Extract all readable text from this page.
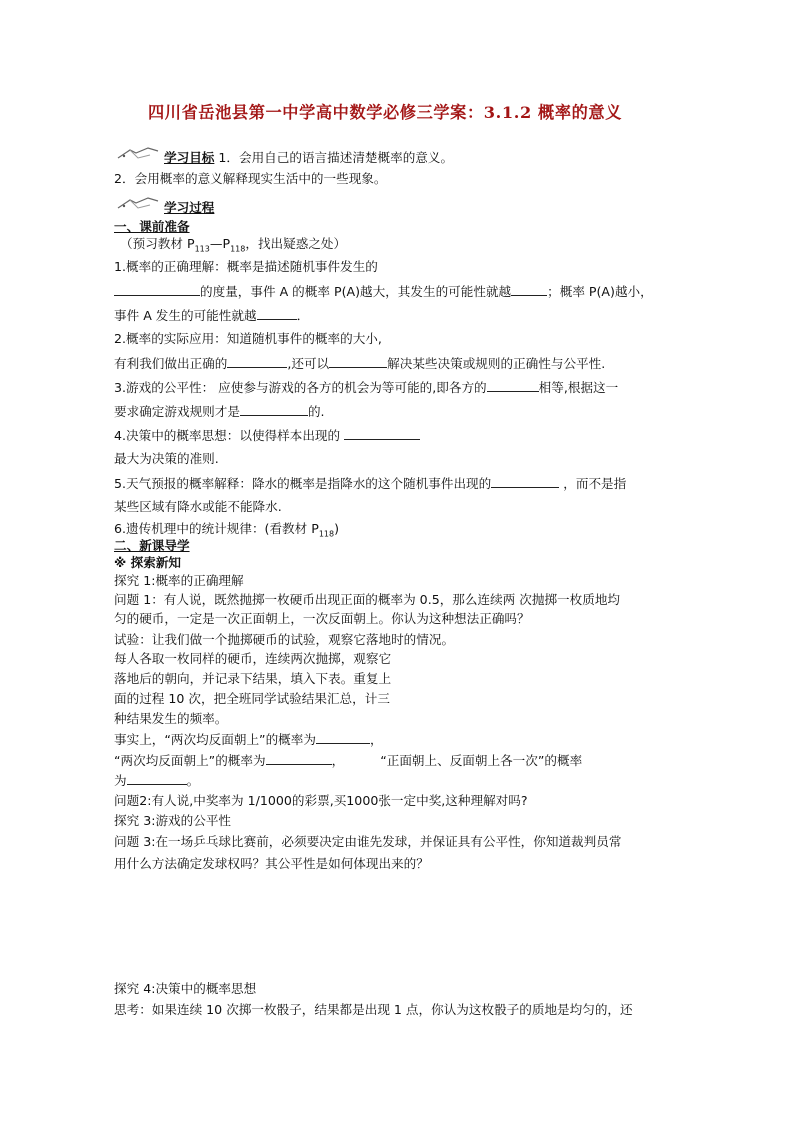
四川省岳池县第一中学高中数学必修三学案：3.1.2 概率的意义
学习目标 1．会用自己的语言描述清楚概率的意义。
2．会用概率的意义解释现实生活中的一些现象。
学习过程
一、课前准备
（预习教材 $P_{113}—P_{118}$，找出疑惑之处）
1.概率的正确理解：概率是描述随机事件发生的
的度量，事件 A 的概率 P(A)越大，其发生的可能性就越	；概率 P(A)越小，
事件 A 发生的可能性就越	．
2.概率的实际应用：知道随机事件的概率的大小,
有利我们做出正确的	,还可以	解决某些决策或规则的正确性与公平性.
3.游戏的公平性： 应使参与游戏的各方的机会为等可能的,即各方的	相等,根据这一
要求确定游戏规则才是	的.
4.决策中的概率思想：以使得样本出现的
最大为决策的准则.
5.天气预报的概率解释：降水的概率是指降水的这个随机事件出现的	，而不是指
某些区域有降水或能不能降水.
6.遗传机理中的统计规律：(看教材 $P_{118}$)
二、新课导学
※ 探索新知
探究 1:概率的正确理解
问题 1：有人说，既然抛掷一枚硬币出现正面的概率为 0.5，那么连续两 次抛掷一枚质地均
匀的硬币，一定是一次正面朝上，一次反面朝上。你认为这种想法正确吗？
试验：让我们做一个抛掷硬币的试验，观察它落地时的情况。
每人各取一枚同样的硬币，连续两次抛掷，观察它
落地后的朝向，并记录下结果，填入下表。重复上
面的过程 10 次，把全班同学试验结果汇总，计三
种结果发生的频率。
事实上，“两次均反面朝上”的概率为	，
“两次均反面朝上”的概率为	，	“正面朝上、反面朝上各一次”的概率
为	。
问题2:有人说,中奖率为 1/1000的彩票,买1000张一定中奖,这种理解对吗?
探究 3:游戏的公平性
问题 3:在一场乒乓球比赛前，必须要决定由谁先发球，并保证具有公平性，你知道裁判员常
用什么方法确定发球权吗？其公平性是如何体现出来的？
探究 4:决策中的概率思想
思考：如果连续 10 次掷一枚骰子，结果都是出现 1 点，你认为这枚骰子的质地是均匀的，还
